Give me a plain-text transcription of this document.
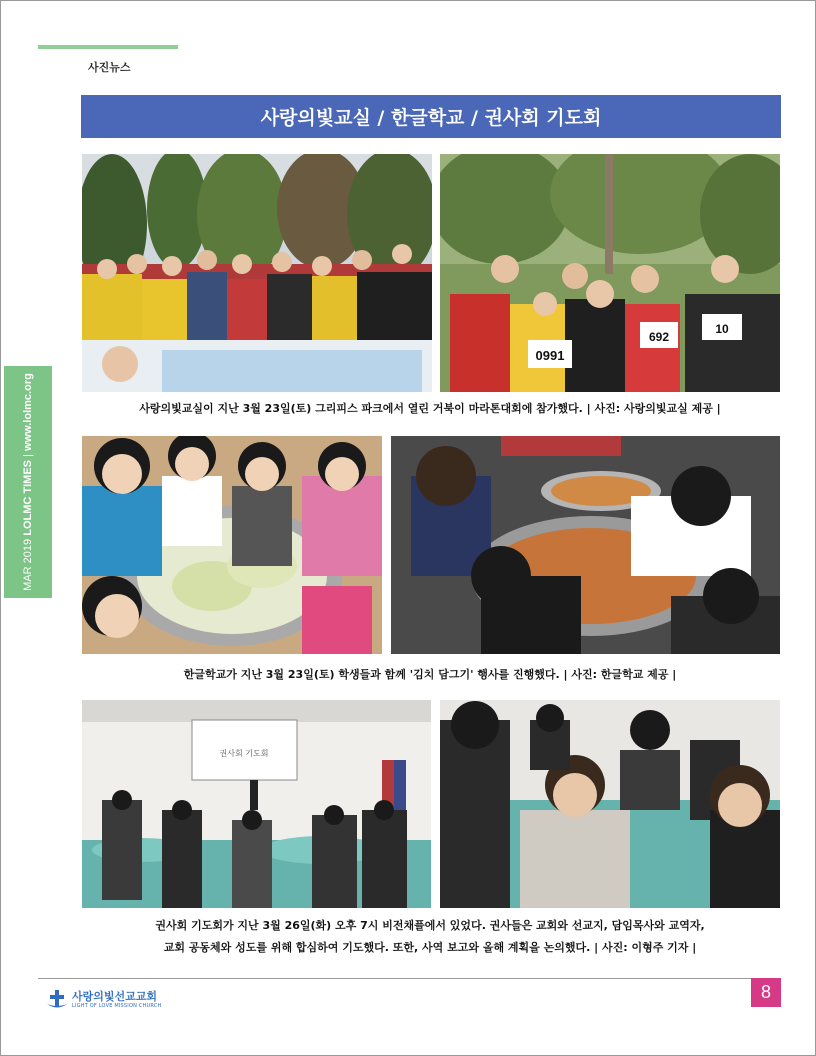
사진뉴스
MAR 2019 LOLMC TIMES | www.lolmc.org
사랑의빛교실 / 한글학교 / 권사회 기도회
0991
692
10
사랑의빛교실이 지난 3월 23일(토) 그리피스 파크에서 열린 거북이 마라톤대회에 참가했다. | 사진: 사랑의빛교실 제공 |
한글학교가 지난 3월 23일(토) 학생들과 함께 '김치 담그기' 행사를 진행했다. | 사진: 한글학교 제공 |
권사회 기도회
권사회 기도회가 지난 3월 26일(화) 오후 7시 비전채플에서 있었다. 권사들은 교회와 선교지, 담임목사와 교역자,
교회 공동체와 성도를 위해 합심하여 기도했다. 또한, 사역 보고와 올해 계획을 논의했다. | 사진: 이형주 기자 |
사랑의빛선교교회
LIGHT OF LOVE MISSION CHURCH
8
